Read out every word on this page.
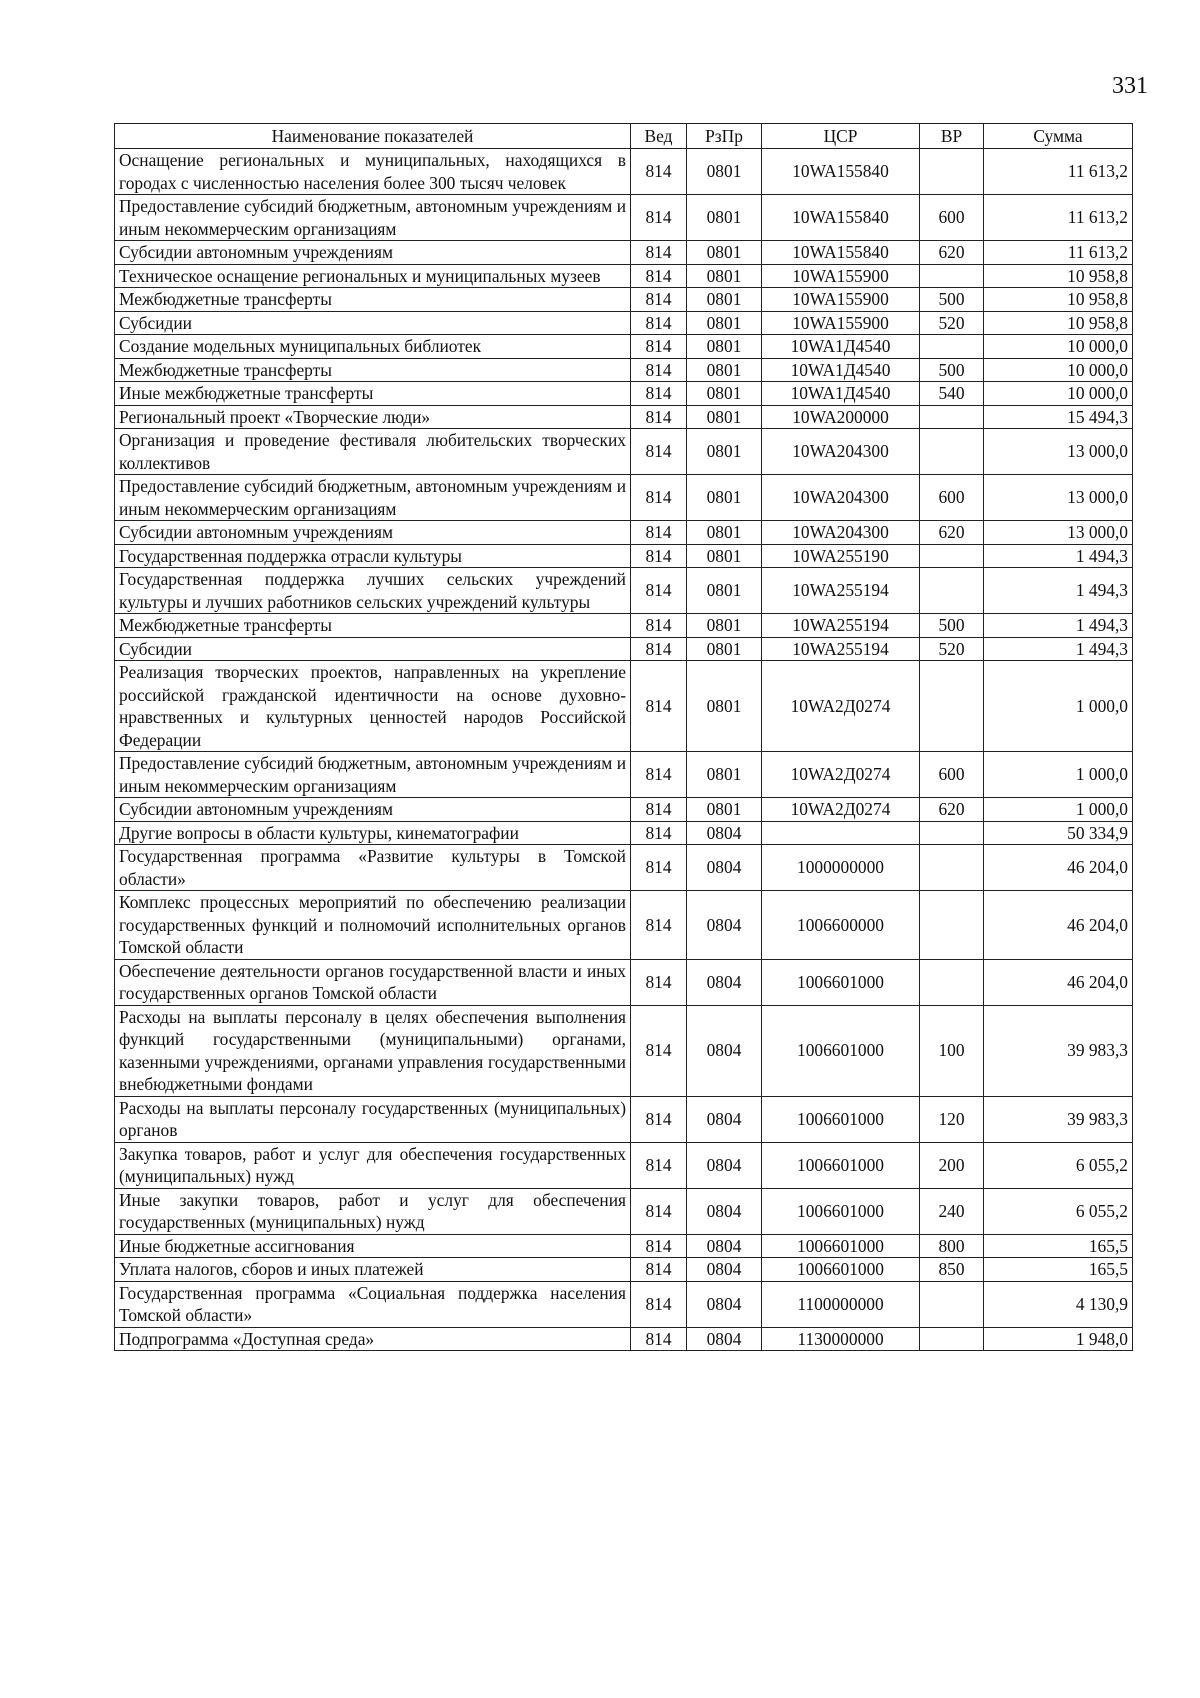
331
Наименование показателей	Вед	РзПр	ЦСР	ВР	Сумма
Оснащение региональных и муниципальных, находящихся в городах с численностью населения более 300 тысяч человек	814	0801	10WA155840		11 613,2
Предоставление субсидий бюджетным, автономным учреждениям и иным некоммерческим организациям	814	0801	10WA155840	600	11 613,2
Субсидии автономным учреждениям	814	0801	10WA155840	620	11 613,2
Техническое оснащение региональных и муниципальных музеев	814	0801	10WA155900		10 958,8
Межбюджетные трансферты	814	0801	10WA155900	500	10 958,8
Субсидии	814	0801	10WA155900	520	10 958,8
Создание модельных муниципальных библиотек	814	0801	10WA1Д4540		10 000,0
Межбюджетные трансферты	814	0801	10WA1Д4540	500	10 000,0
Иные межбюджетные трансферты	814	0801	10WA1Д4540	540	10 000,0
Региональный проект «Творческие люди»	814	0801	10WA200000		15 494,3
Организация и проведение фестиваля любительских творческих коллективов	814	0801	10WA204300		13 000,0
Предоставление субсидий бюджетным, автономным учреждениям и иным некоммерческим организациям	814	0801	10WA204300	600	13 000,0
Субсидии автономным учреждениям	814	0801	10WA204300	620	13 000,0
Государственная поддержка отрасли культуры	814	0801	10WA255190		1 494,3
Государственная поддержка лучших сельских учреждений культуры и лучших работников сельских учреждений культуры	814	0801	10WA255194		1 494,3
Межбюджетные трансферты	814	0801	10WA255194	500	1 494,3
Субсидии	814	0801	10WA255194	520	1 494,3
Реализация творческих проектов, направленных на укрепление российской гражданской идентичности на основе духовно-нравственных и культурных ценностей народов Российской Федерации	814	0801	10WA2Д0274		1 000,0
Предоставление субсидий бюджетным, автономным учреждениям и иным некоммерческим организациям	814	0801	10WA2Д0274	600	1 000,0
Субсидии автономным учреждениям	814	0801	10WA2Д0274	620	1 000,0
Другие вопросы в области культуры, кинематографии	814	0804			50 334,9
Государственная программа «Развитие культуры в Томской области»	814	0804	1000000000		46 204,0
Комплекс процессных мероприятий по обеспечению реализации государственных функций и полномочий исполнительных органов Томской области	814	0804	1006600000		46 204,0
Обеспечение деятельности органов государственной власти и иных государственных органов Томской области	814	0804	1006601000		46 204,0
Расходы на выплаты персоналу в целях обеспечения выполнения функций государственными (муниципальными) органами, казенными учреждениями, органами управления государственными внебюджетными фондами	814	0804	1006601000	100	39 983,3
Расходы на выплаты персоналу государственных (муниципальных) органов	814	0804	1006601000	120	39 983,3
Закупка товаров, работ и услуг для обеспечения государственных (муниципальных) нужд	814	0804	1006601000	200	6 055,2
Иные закупки товаров, работ и услуг для обеспечения государственных (муниципальных) нужд	814	0804	1006601000	240	6 055,2
Иные бюджетные ассигнования	814	0804	1006601000	800	165,5
Уплата налогов, сборов и иных платежей	814	0804	1006601000	850	165,5
Государственная программа «Социальная поддержка населения Томской области»	814	0804	1100000000		4 130,9
Подпрограмма «Доступная среда»	814	0804	1130000000		1 948,0
